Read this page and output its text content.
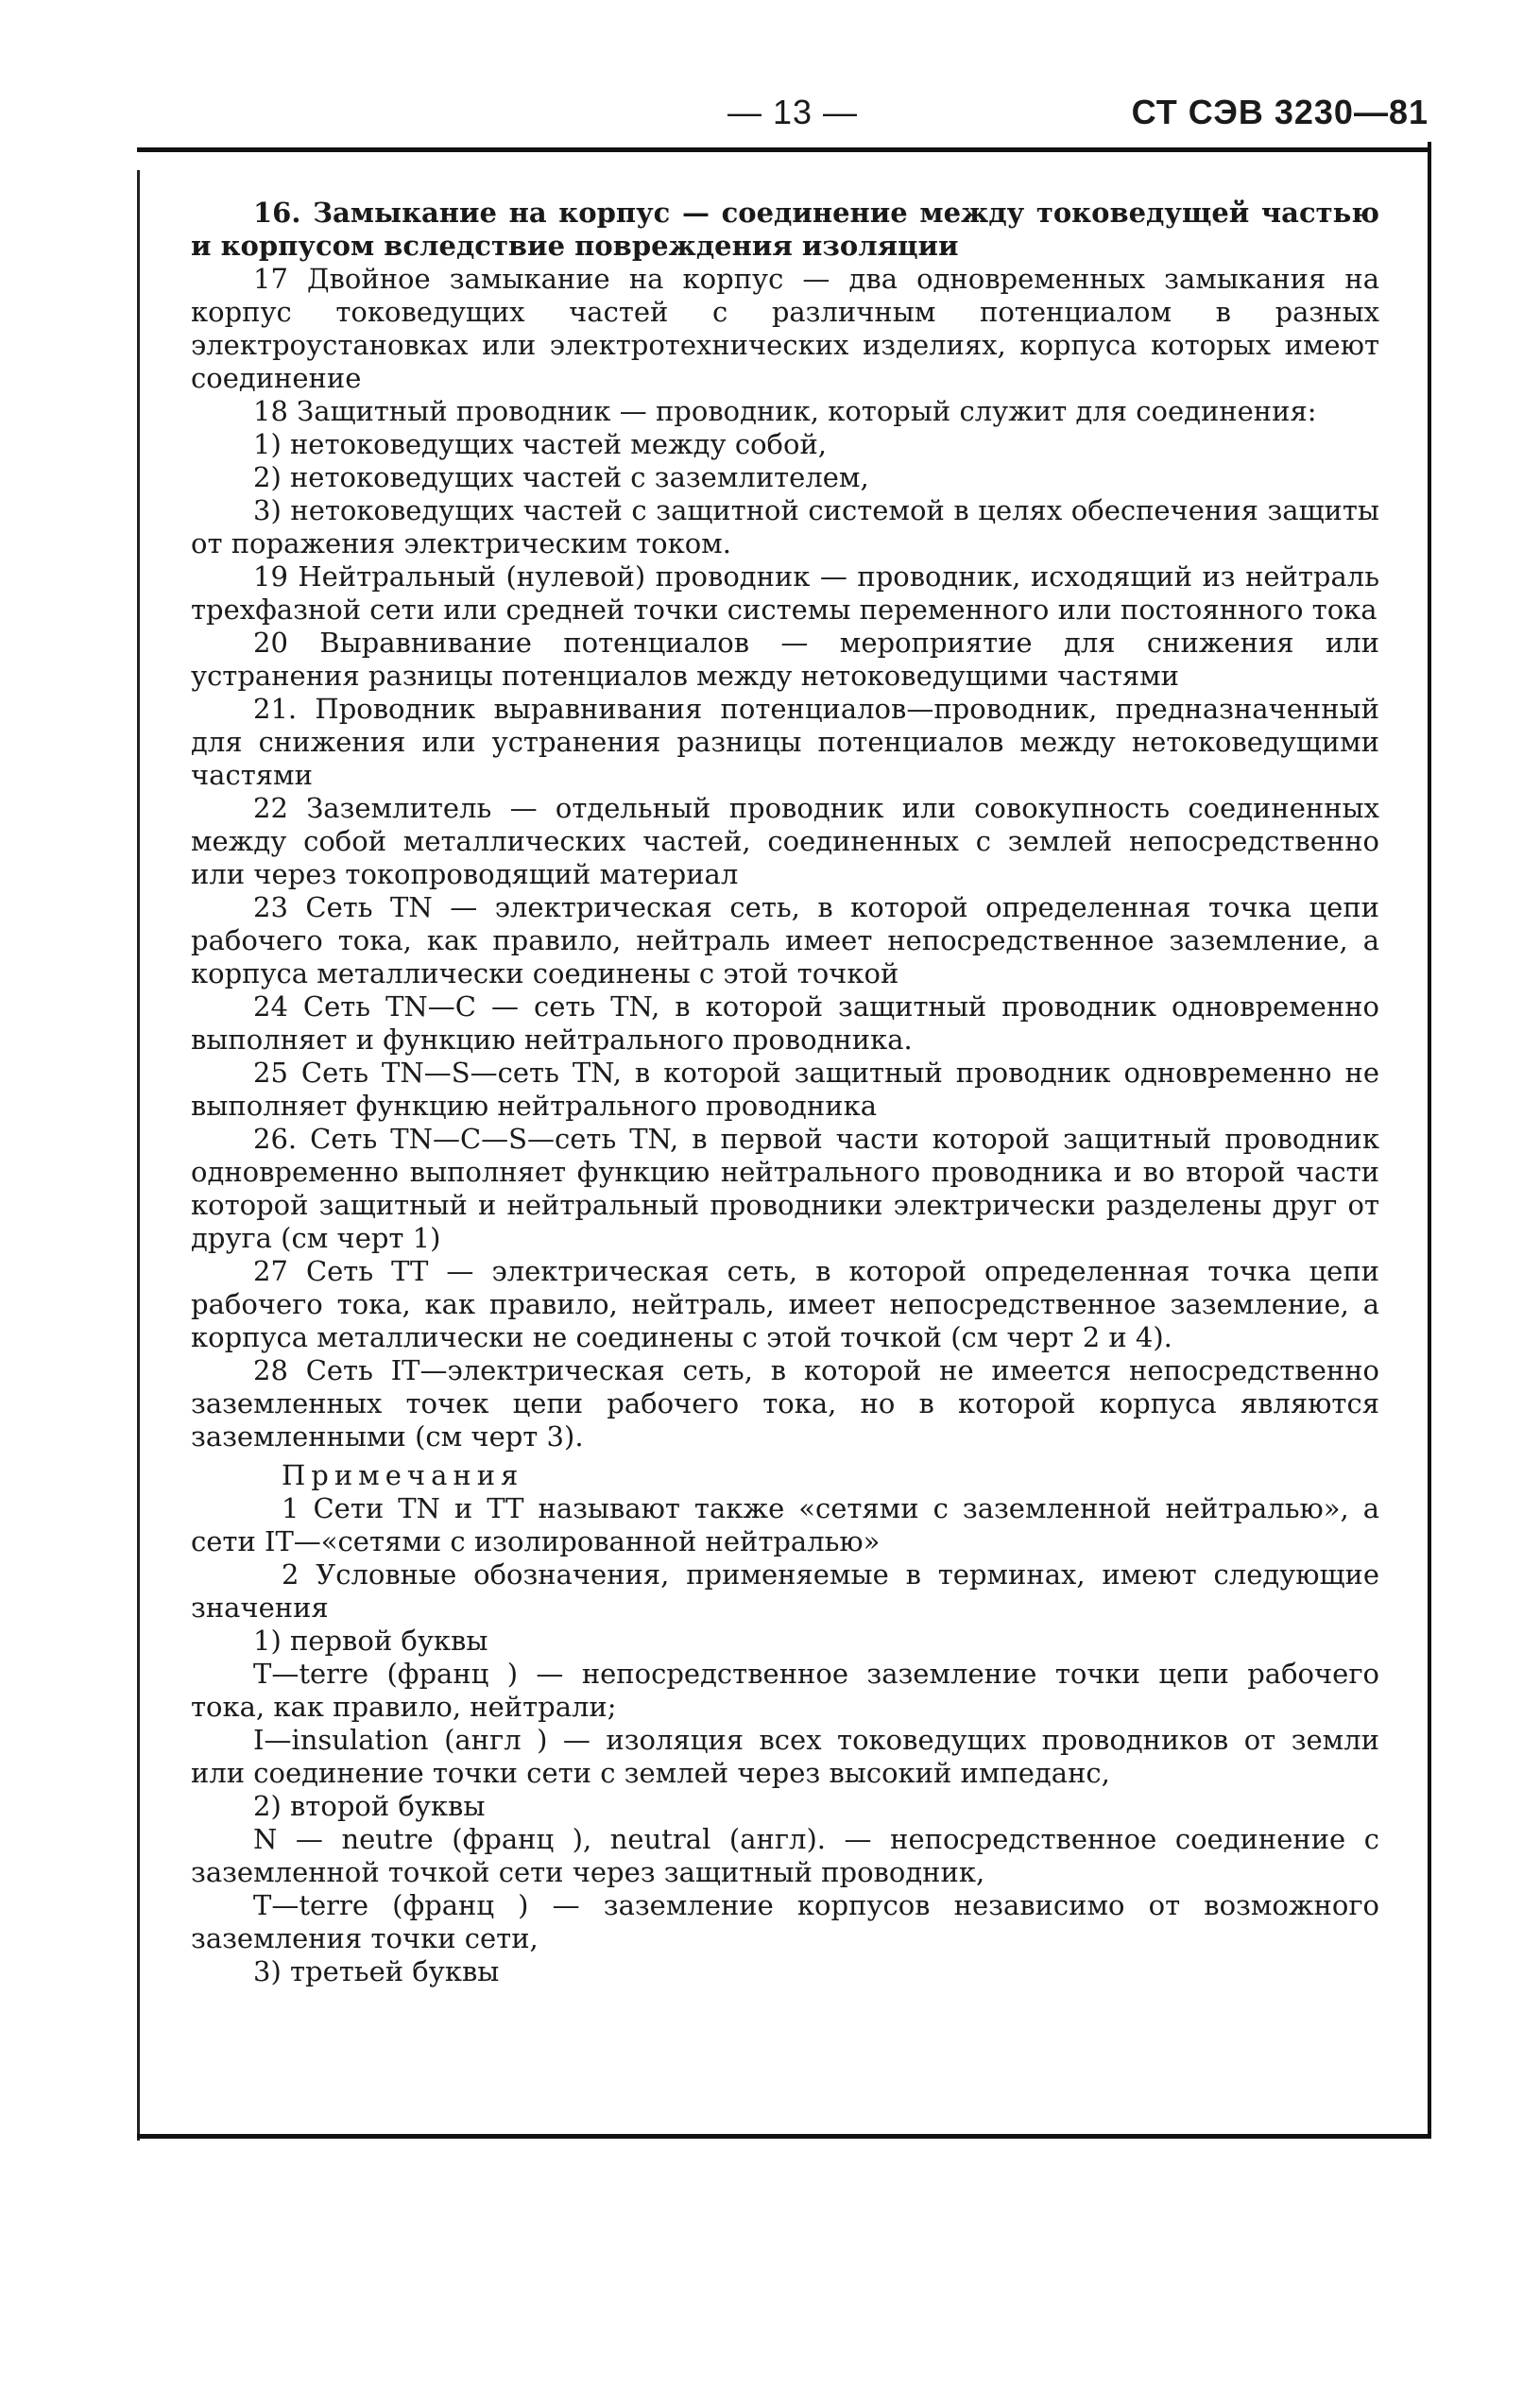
— 13 —	СТ СЭВ 3230—81

16. Замыкание на корпус — соединение между токоведущей частью и корпусом вследствие повреждения изоляции

17 Двойное замыкание на корпус — два одновременных замыкания на корпус токоведущих частей с различным потенциалом в разных электроустановках или электротехнических изделиях, корпуса которых имеют соединение

18 Защитный проводник — проводник, который служит для соединения:

1) нетоковедущих частей между собой,

2) нетоковедущих частей с заземлителем,

3) нетоковедущих частей с защитной системой в целях обеспечения защиты от поражения электрическим током.

19 Нейтральный (нулевой) проводник — проводник, исходящий из нейтраль трехфазной сети или средней точки системы переменного или постоянного тока

20 Выравнивание потенциалов — мероприятие для снижения или устранения разницы потенциалов между нетоковедущими частями

21. Проводник выравнивания потенциалов—проводник, предназначенный для снижения или устранения разницы потенциалов между нетоковедущими частями

22 Заземлитель — отдельный проводник или совокупность соединенных между собой металлических частей, соединенных с землей непосредственно или через токопроводящий материал

23 Сеть TN — электрическая сеть, в которой определенная точка цепи рабочего тока, как правило, нейтраль имеет непосредственное заземление, а корпуса металлически соединены с этой точкой

24 Сеть TN—C — сеть TN, в которой защитный проводник одновременно выполняет и функцию нейтрального проводника.

25 Сеть TN—S—сеть TN, в которой защитный проводник одновременно не выполняет функцию нейтрального проводника

26. Сеть TN—C—S—сеть TN, в первой части которой защитный проводник одновременно выполняет функцию нейтрального проводника и во второй части которой защитный и нейтральный проводники электрически разделены друг от друга (см черт 1)

27 Сеть TT — электрическая сеть, в которой определенная точка цепи рабочего тока, как правило, нейтраль, имеет непосредственное заземление, а корпуса металлически не соединены с этой точкой (см черт 2 и 4).

28 Сеть IT—электрическая сеть, в которой не имеется непосредственно заземленных точек цепи рабочего тока, но в которой корпуса являются заземленными (см черт 3).

Примечания

1 Сети TN и TT называют также «сетями с заземленной нейтралью», а сети IT—«сетями с изолированной нейтралью»

2 Условные обозначения, применяемые в терминах, имеют следующие значения

1) первой буквы

T—terre (франц ) — непосредственное заземление точки цепи рабочего тока, как правило, нейтрали;

I—insulation (англ ) — изоляция всех токоведущих проводников от земли или соединение точки сети с землей через высокий импеданс,

2) второй буквы

N — neutre (франц ), neutral (англ). — непосредственное соединение с заземленной точкой сети через защитный проводник,

T—terre (франц ) — заземление корпусов независимо от возможного заземления точки сети,

3) третьей буквы
